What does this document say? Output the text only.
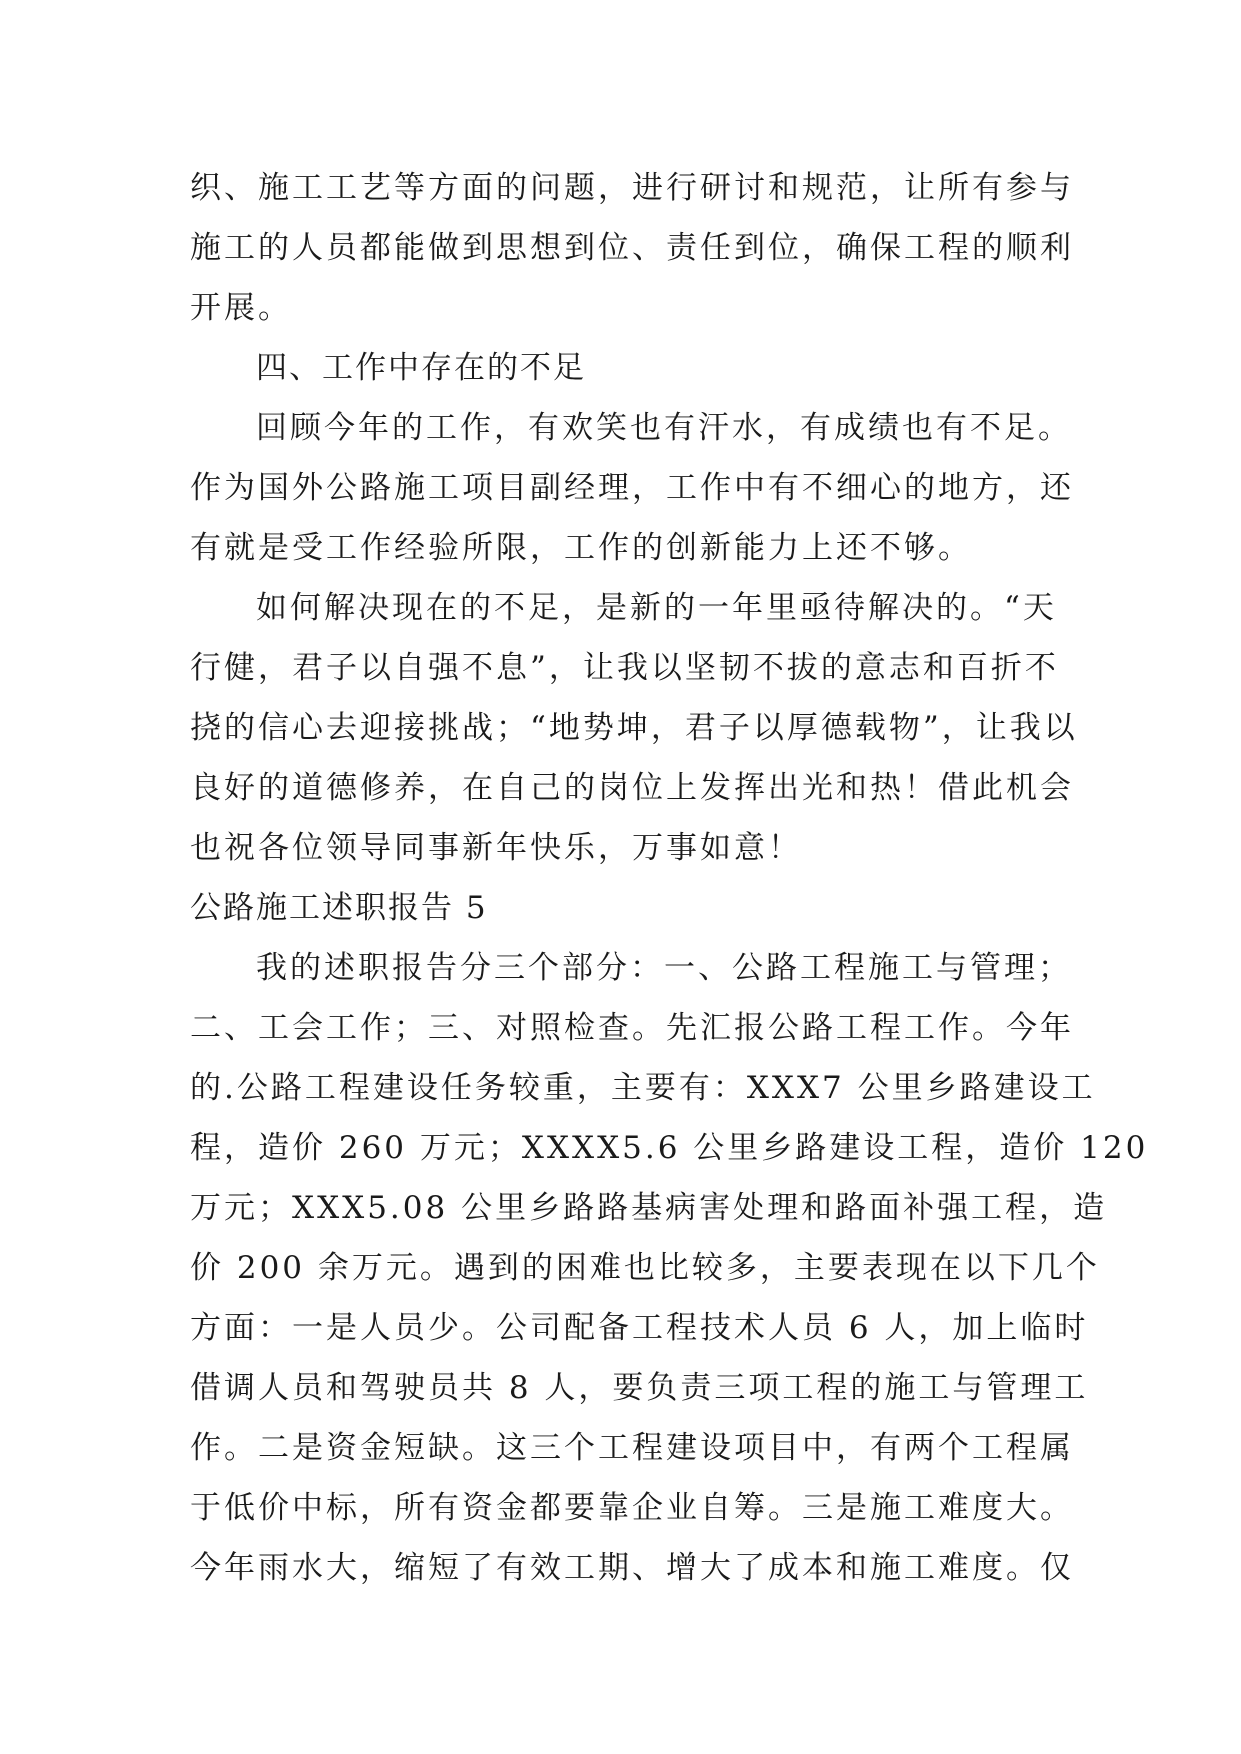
织、施工工艺等方面的问题，进行研讨和规范，让所有参与
施工的人员都能做到思想到位、责任到位，确保工程的顺利
开展。
四、工作中存在的不足
回顾今年的工作，有欢笑也有汗水，有成绩也有不足。
作为国外公路施工项目副经理，工作中有不细心的地方，还
有就是受工作经验所限，工作的创新能力上还不够。
如何解决现在的不足，是新的一年里亟待解决的。“天
行健，君子以自强不息”，让我以坚韧不拔的意志和百折不
挠的信心去迎接挑战；“地势坤，君子以厚德载物”，让我以
良好的道德修养，在自己的岗位上发挥出光和热！借此机会
也祝各位领导同事新年快乐，万事如意！
公路施工述职报告 5
我的述职报告分三个部分：一、公路工程施工与管理；
二、工会工作；三、对照检查。先汇报公路工程工作。今年
的.公路工程建设任务较重，主要有：XXX7 公里乡路建设工
程，造价 260 万元；XXXX5.6 公里乡路建设工程，造价 120
万元；XXX5.08 公里乡路路基病害处理和路面补强工程，造
价 200 余万元。遇到的困难也比较多，主要表现在以下几个
方面：一是人员少。公司配备工程技术人员 6 人，加上临时
借调人员和驾驶员共 8 人，要负责三项工程的施工与管理工
作。二是资金短缺。这三个工程建设项目中，有两个工程属
于低价中标，所有资金都要靠企业自筹。三是施工难度大。
今年雨水大，缩短了有效工期、增大了成本和施工难度。仅
